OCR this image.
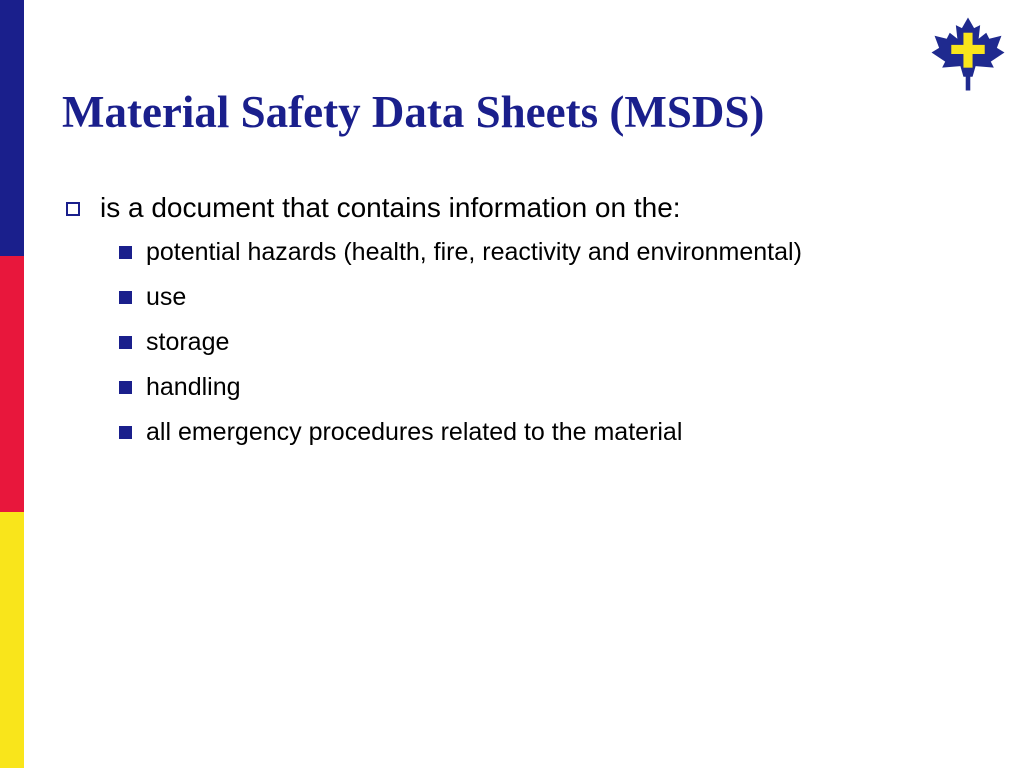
Material Safety Data Sheets (MSDS)
is a document that contains information on the:
potential hazards (health, fire, reactivity and environmental)
use
storage
handling
all emergency procedures related to the material
